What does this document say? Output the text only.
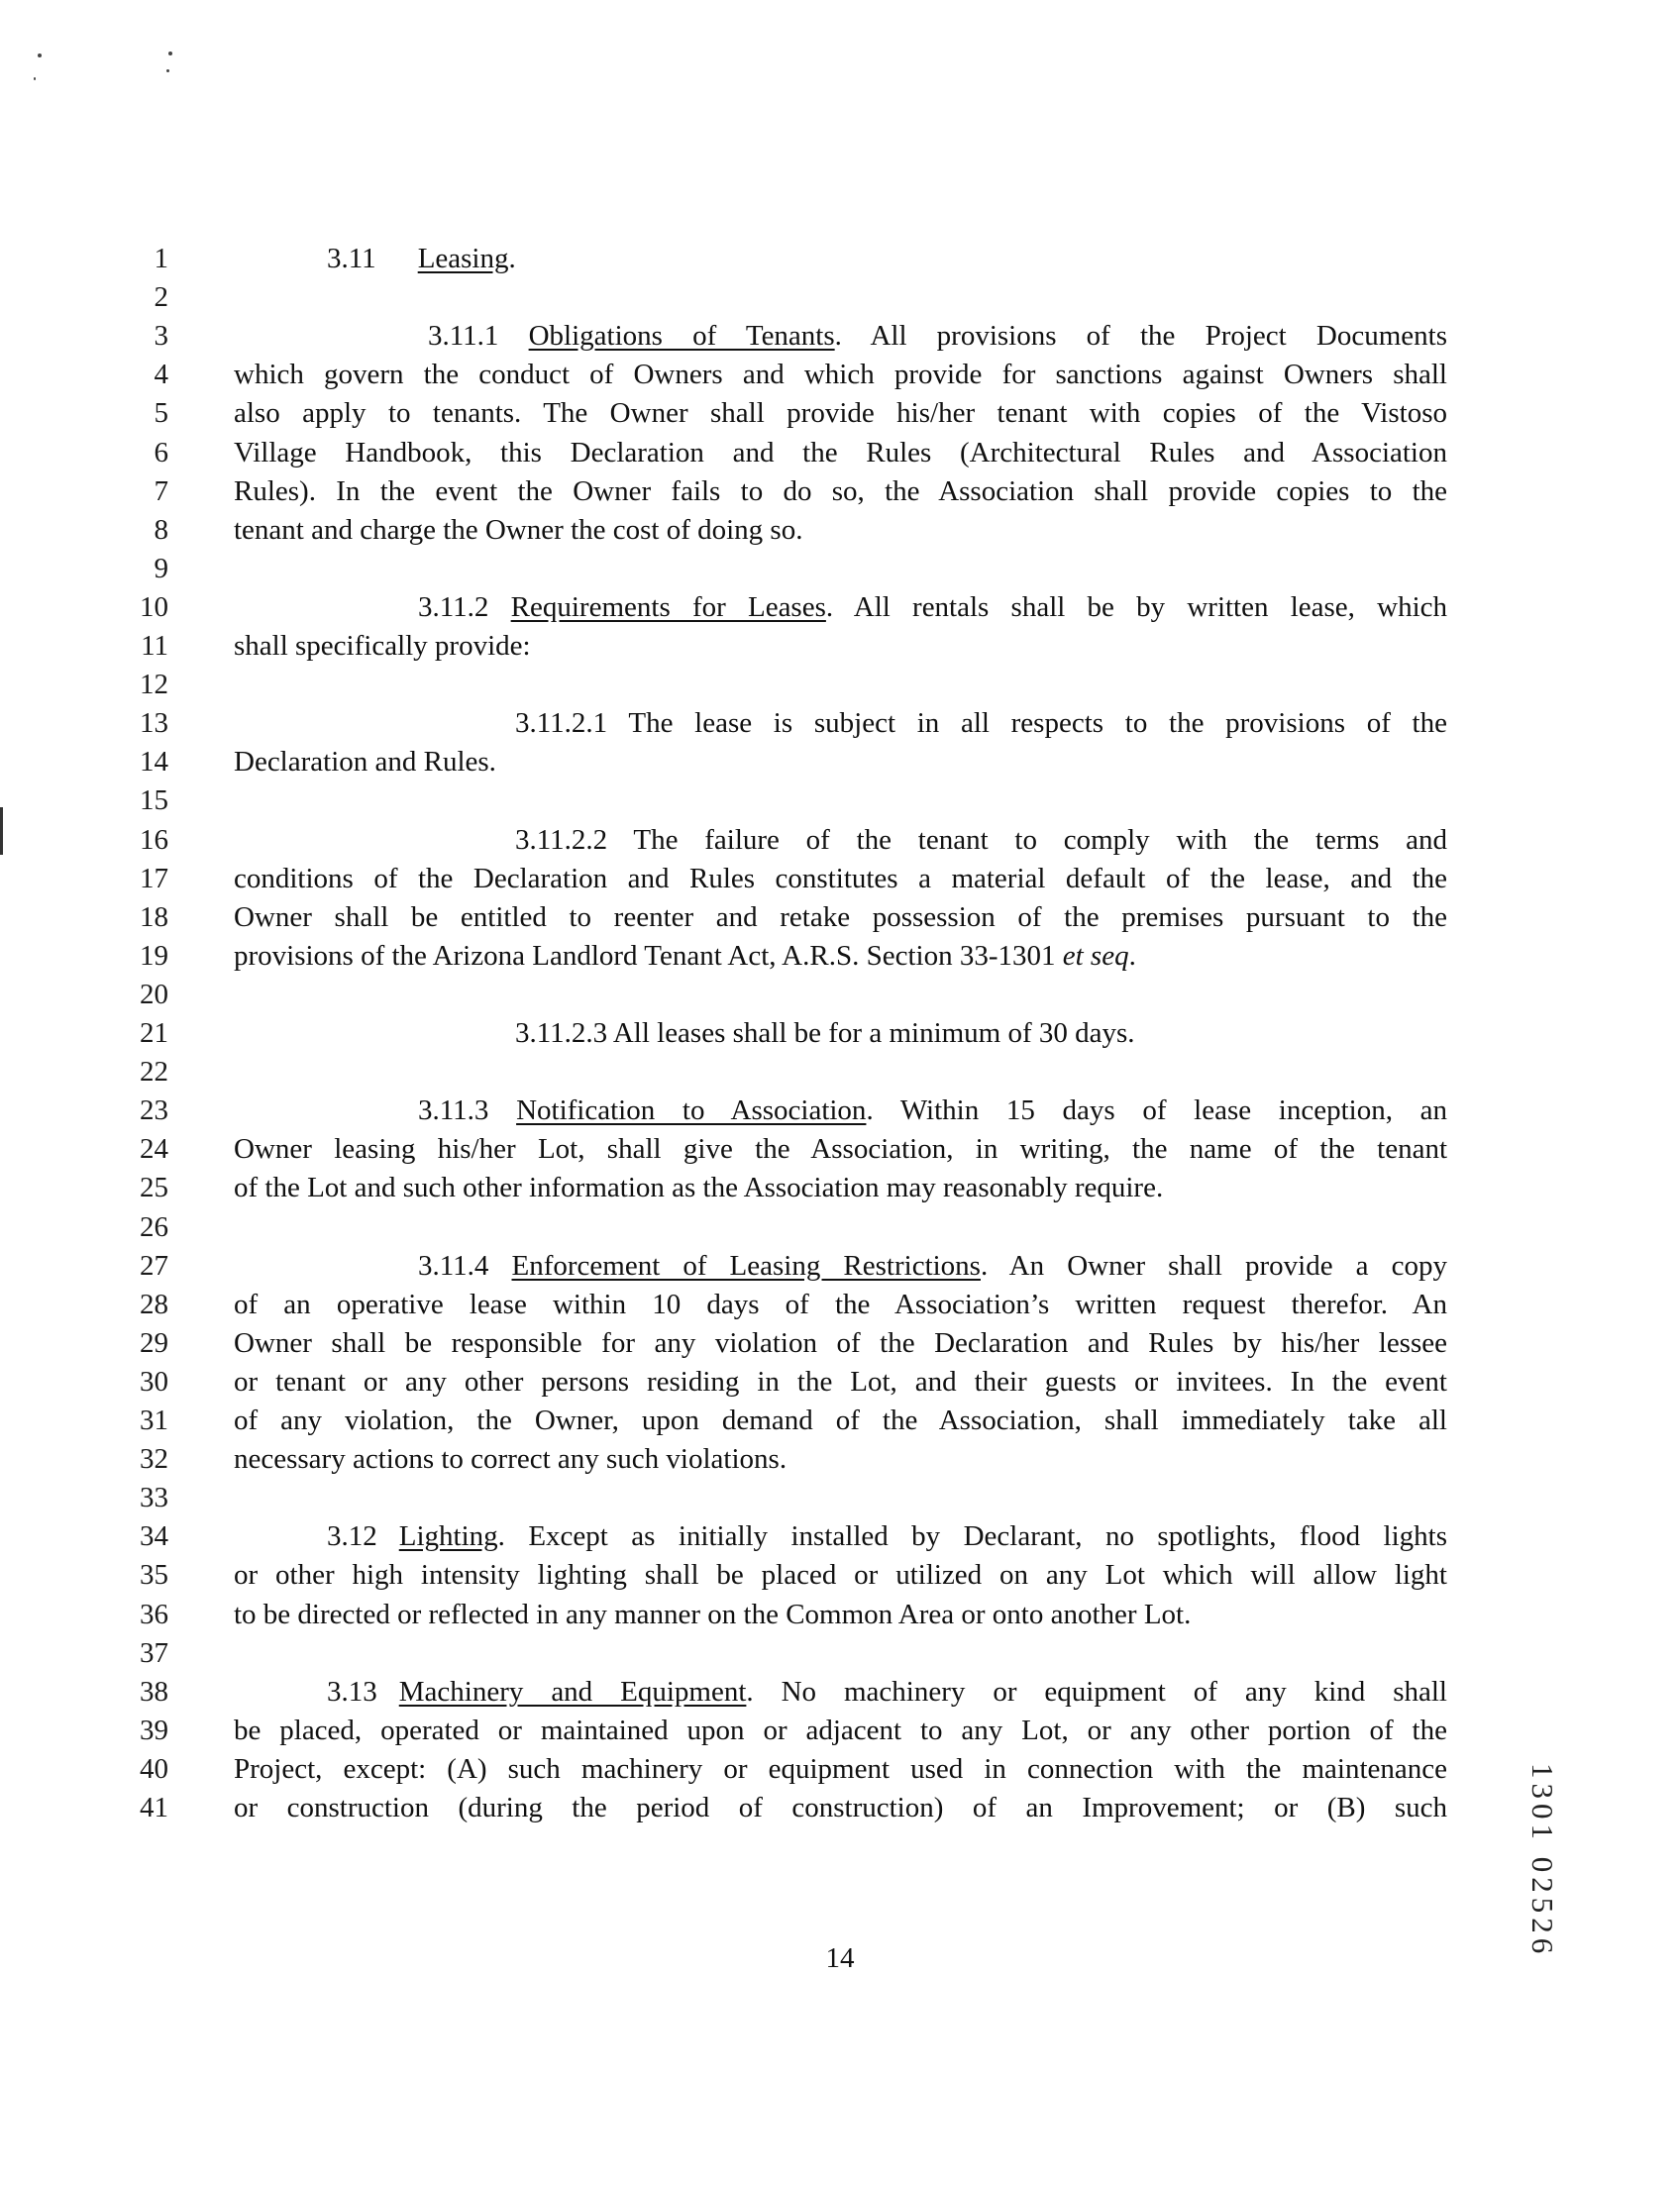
1	3.11 Leasing.
2
3	3.11.1 Obligations of Tenants. All provisions of the Project Documents
4 which govern the conduct of Owners and which provide for sanctions against Owners shall
5 also apply to tenants. The Owner shall provide his/her tenant with copies of the Vistoso
6 Village Handbook, this Declaration and the Rules (Architectural Rules and Association
7 Rules). In the event the Owner fails to do so, the Association shall provide copies to the
8 tenant and charge the Owner the cost of doing so.
9
10	3.11.2 Requirements for Leases. All rentals shall be by written lease, which
11 shall specifically provide:
12
13	3.11.2.1 The lease is subject in all respects to the provisions of the
14 Declaration and Rules.
15
16	3.11.2.2 The failure of the tenant to comply with the terms and
17 conditions of the Declaration and Rules constitutes a material default of the lease, and the
18 Owner shall be entitled to reenter and retake possession of the premises pursuant to the
19 provisions of the Arizona Landlord Tenant Act, A.R.S. Section 33-1301 et seq.
20
21	3.11.2.3 All leases shall be for a minimum of 30 days.
22
23	3.11.3 Notification to Association. Within 15 days of lease inception, an
24 Owner leasing his/her Lot, shall give the Association, in writing, the name of the tenant
25 of the Lot and such other information as the Association may reasonably require.
26
27	3.11.4 Enforcement of Leasing Restrictions. An Owner shall provide a copy
28 of an operative lease within 10 days of the Association’s written request therefor. An
29 Owner shall be responsible for any violation of the Declaration and Rules by his/her lessee
30 or tenant or any other persons residing in the Lot, and their guests or invitees. In the event
31 of any violation, the Owner, upon demand of the Association, shall immediately take all
32 necessary actions to correct any such violations.
33
34	3.12 Lighting. Except as initially installed by Declarant, no spotlights, flood lights
35 or other high intensity lighting shall be placed or utilized on any Lot which will allow light
36 to be directed or reflected in any manner on the Common Area or onto another Lot.
37
38	3.13 Machinery and Equipment. No machinery or equipment of any kind shall
39 be placed, operated or maintained upon or adjacent to any Lot, or any other portion of the
40 Project, except: (A) such machinery or equipment used in connection with the maintenance
41 or construction (during the period of construction) of an Improvement; or (B) such
14	1301 02526
